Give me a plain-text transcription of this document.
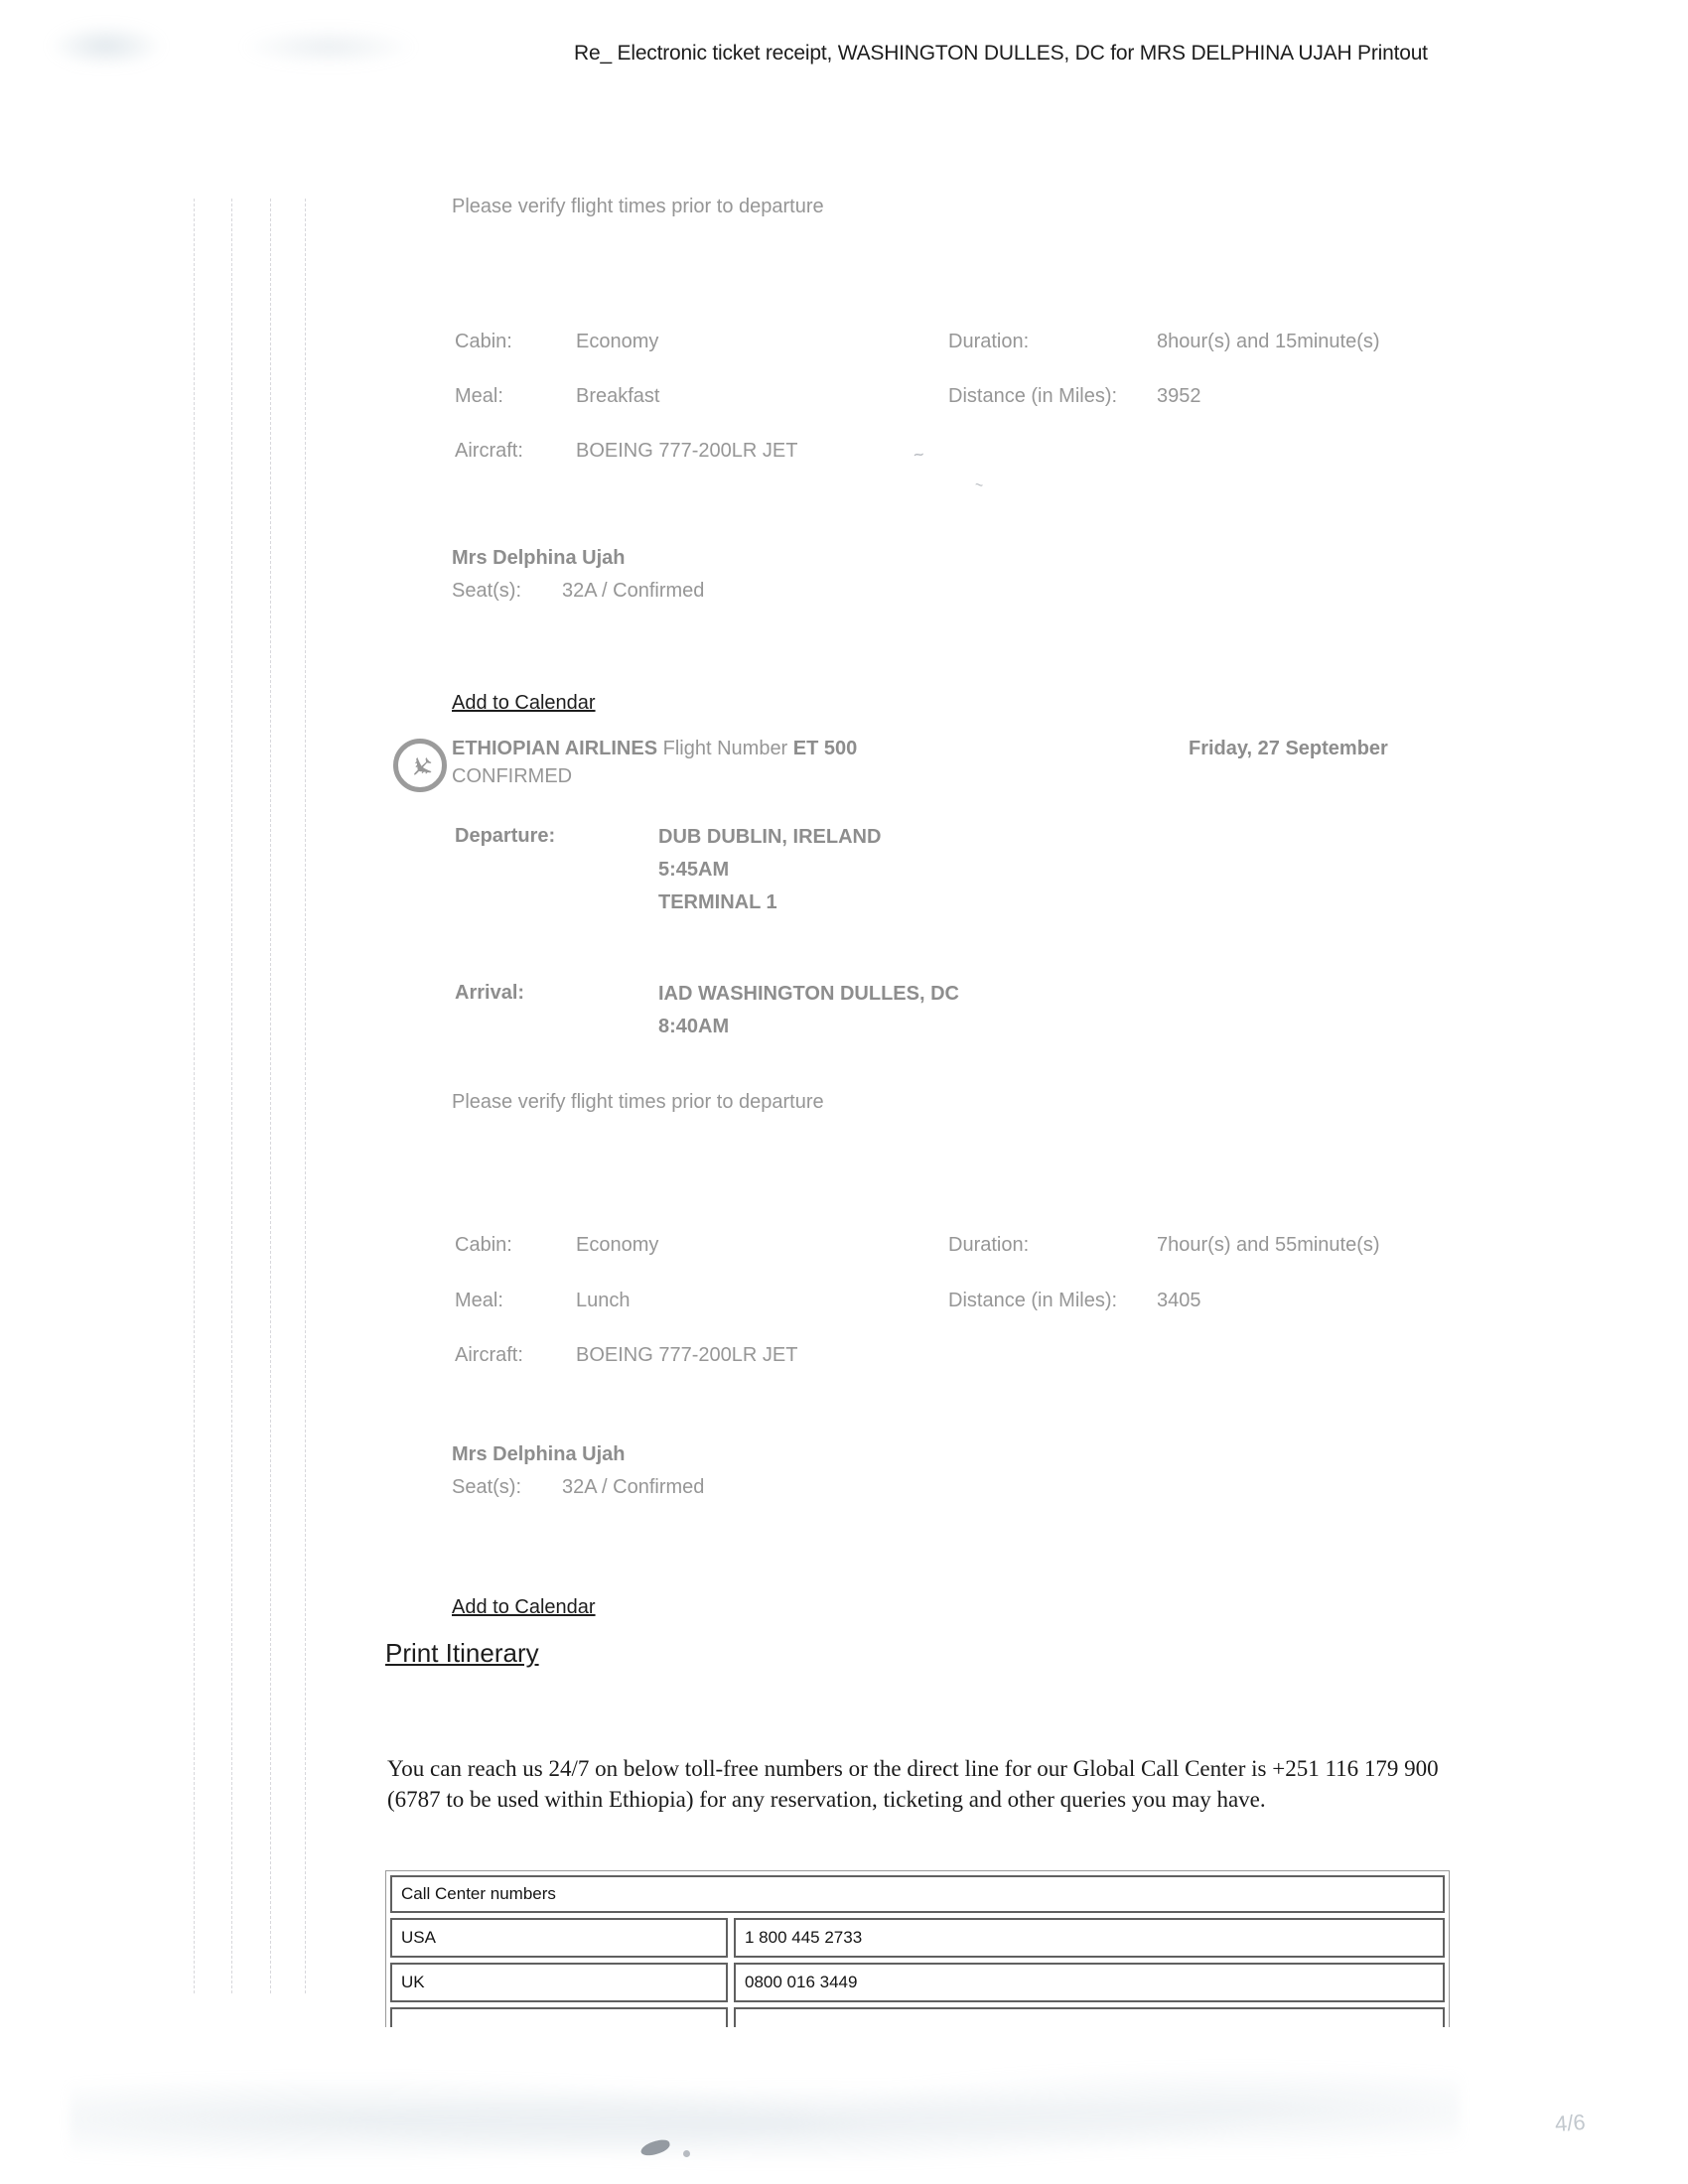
Re_ Electronic ticket receipt, WASHINGTON DULLES, DC for MRS DELPHINA UJAH Printout
Please verify flight times prior to departure
Cabin:	Economy	Duration:	8hour(s) and 15minute(s)
Meal:	Breakfast	Distance (in Miles): 3952
Aircraft:	BOEING 777-200LR JET
Mrs Delphina Ujah
Seat(s): 32A / Confirmed
~
~
Add to Calendar
✈ ETHIOPIAN AIRLINES Flight Number ET 500	Friday, 27 September
CONFIRMED
Departure:	DUB DUBLIN, IRELAND
5:45AM
TERMINAL 1
Arrival:	IAD WASHINGTON DULLES, DC
8:40AM
Please verify flight times prior to departure
Cabin:	Economy	Duration:	7hour(s) and 55minute(s)
Meal:	Lunch	Distance (in Miles): 3405
Aircraft:	BOEING 777-200LR JET
Mrs Delphina Ujah
Seat(s): 32A / Confirmed
Add to Calendar
Print Itinerary
You can reach us 24/7 on below toll-free numbers or the direct line for our Global Call Center is +251 116 179 900 (6787 to be used within Ethiopia) for any reservation, ticketing and other queries you may have.
Call Center numbers
USA	1 800 445 2733
UK	0800 016 3449
4/6
